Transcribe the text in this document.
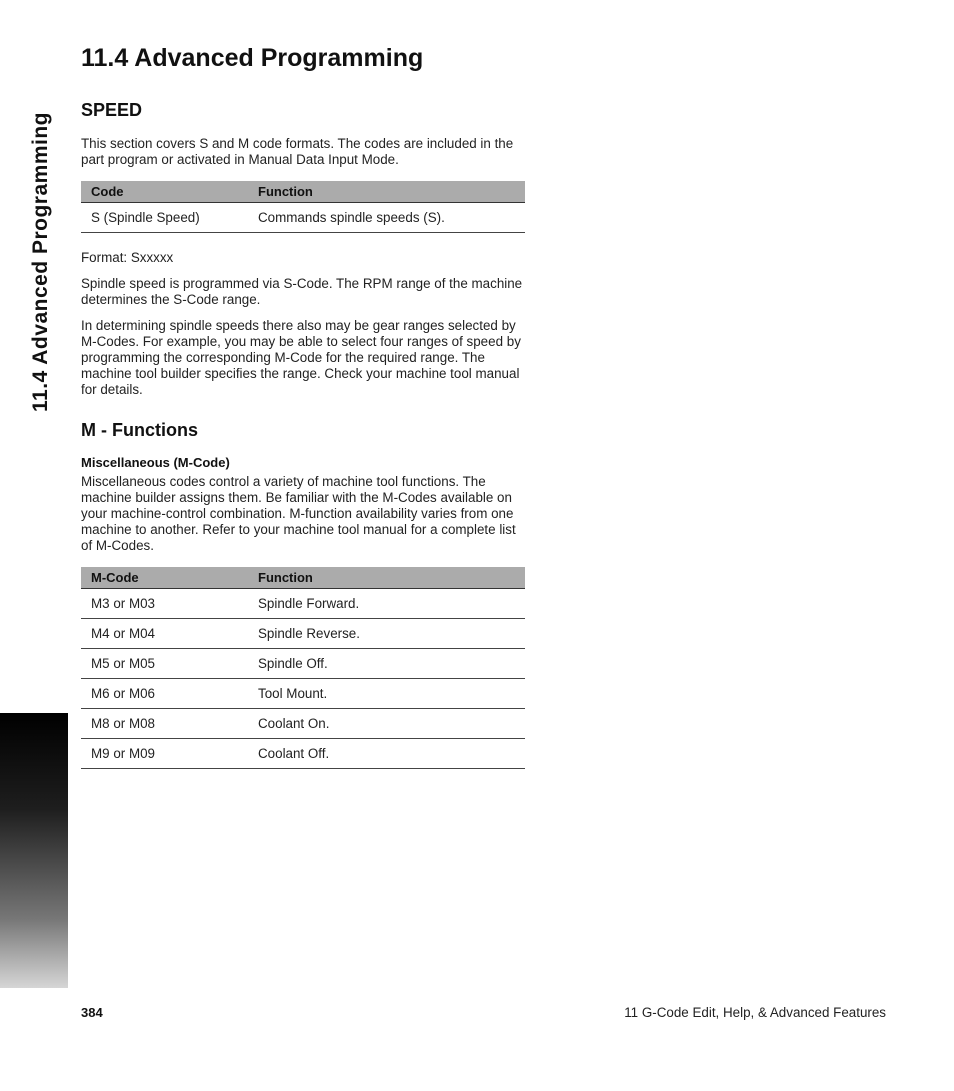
11.4 Advanced Programming
11.4 Advanced Programming
SPEED

This section covers S and M code formats. The codes are included in the part program or activated in Manual Data Input Mode.

Code	Function
S (Spindle Speed)	Commands spindle speeds (S).

Format: Sxxxxx

Spindle speed is programmed via S-Code. The RPM range of the machine determines the S-Code range.

In determining spindle speeds there also may be gear ranges selected by M-Codes. For example, you may be able to select four ranges of speed by programming the corresponding M-Code for the required range. The machine tool builder specifies the range. Check your machine tool manual for details.

M - Functions
Miscellaneous (M-Code)

Miscellaneous codes control a variety of machine tool functions. The machine builder assigns them. Be familiar with the M-Codes available on your machine-control combination. M-function availability varies from one machine to another. Refer to your machine tool manual for a complete list of M-Codes.

M-Code	Function
M3 or M03	Spindle Forward.
M4 or M04	Spindle Reverse.
M5 or M05	Spindle Off.
M6 or M06	Tool Mount.
M8 or M08	Coolant On.
M9 or M09	Coolant Off.
384	11 G-Code Edit, Help, & Advanced Features
